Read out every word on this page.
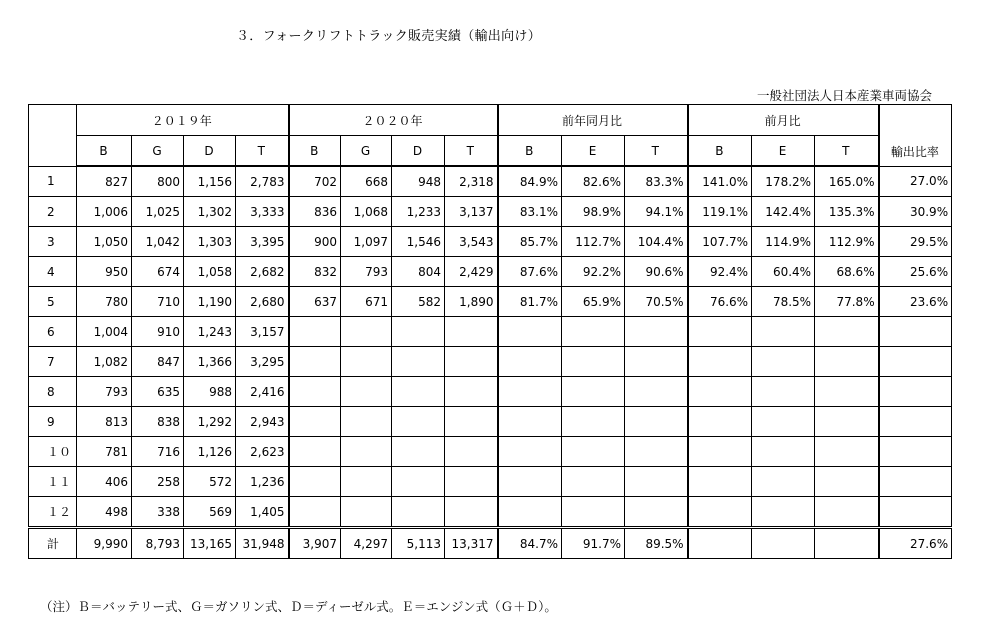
３．フォークリフトトラック販売実績（輸出向け）
一般社団法人日本産業車両協会
	２０１９年				２０２０年				前年同月比			前月比			輸出比率
	B	G	D	T	B	G	D	T	B	E	T	B	E	T	
1	827	800	1,156	2,783	702	668	948	2,318	84.9%	82.6%	83.3%	141.0%	178.2%	165.0%	27.0%
2	1,006	1,025	1,302	3,333	836	1,068	1,233	3,137	83.1%	98.9%	94.1%	119.1%	142.4%	135.3%	30.9%
3	1,050	1,042	1,303	3,395	900	1,097	1,546	3,543	85.7%	112.7%	104.4%	107.7%	114.9%	112.9%	29.5%
4	950	674	1,058	2,682	832	793	804	2,429	87.6%	92.2%	90.6%	92.4%	60.4%	68.6%	25.6%
5	780	710	1,190	2,680	637	671	582	1,890	81.7%	65.9%	70.5%	76.6%	78.5%	77.8%	23.6%
6	1,004	910	1,243	3,157											
7	1,082	847	1,366	3,295											
8	793	635	988	2,416											
9	813	838	1,292	2,943											
１０	781	716	1,126	2,623											
１１	406	258	572	1,236											
１２	498	338	569	1,405											
計	9,990	8,793	13,165	31,948	3,907	4,297	5,113	13,317	84.7%	91.7%	89.5%				27.6%
（注）Ｂ＝バッテリー式、Ｇ＝ガソリン式、Ｄ＝ディーゼル式。Ｅ＝エンジン式（Ｇ＋Ｄ）。
